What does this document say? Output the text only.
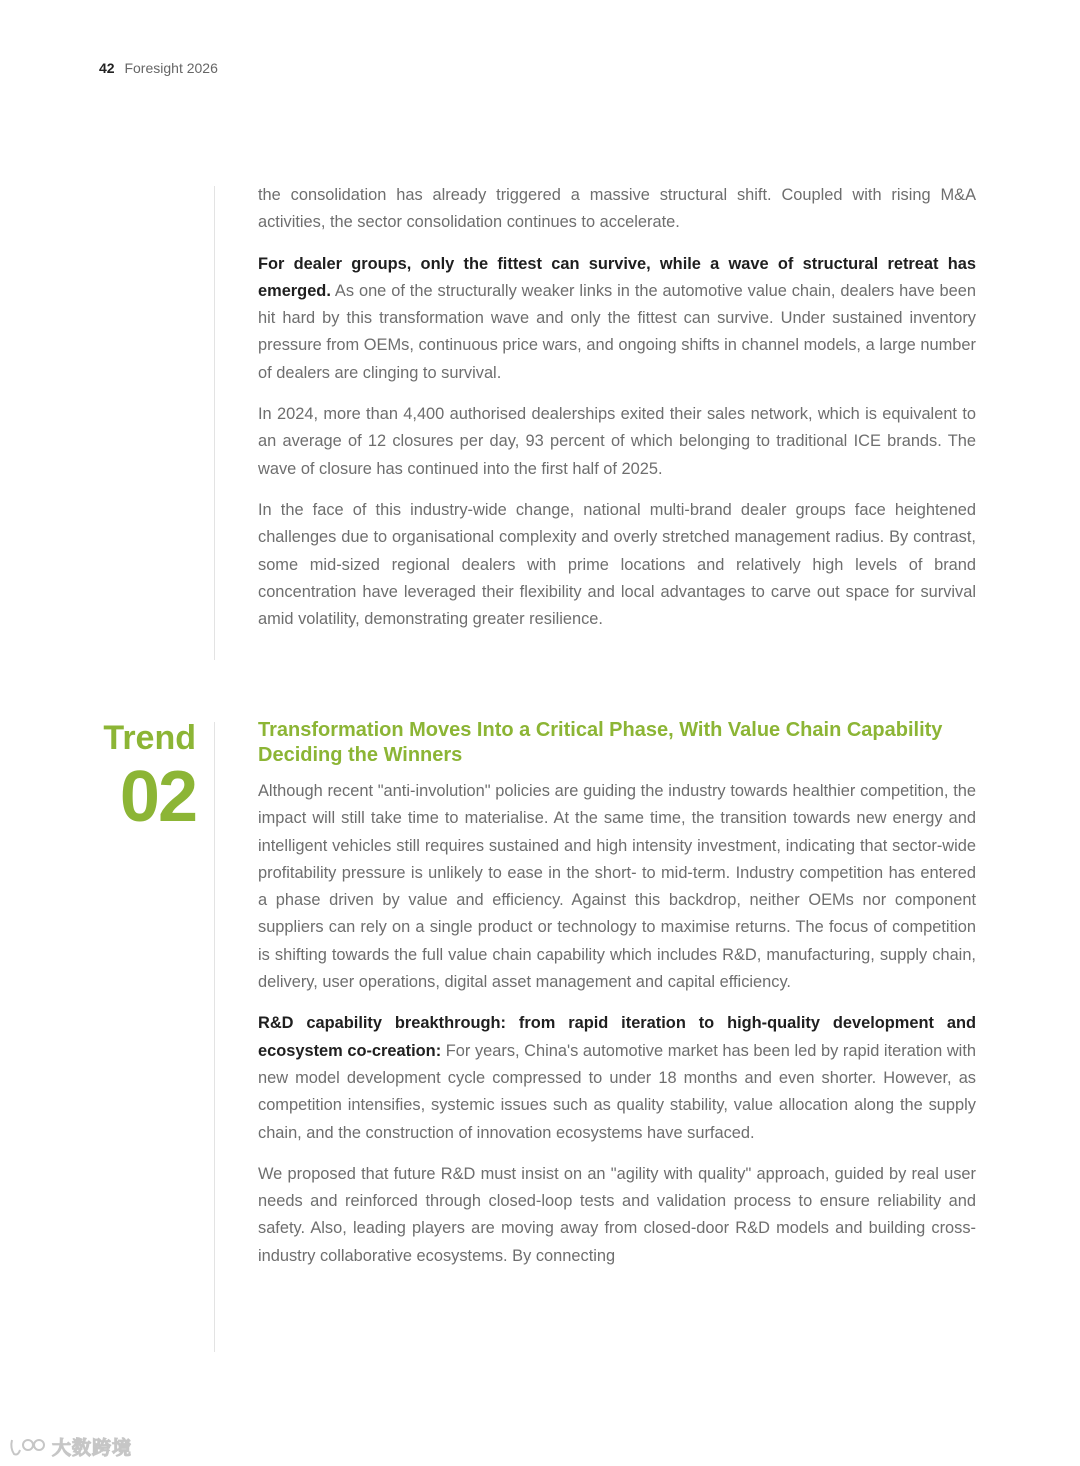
42 Foresight 2026

the consolidation has already triggered a massive structural shift. Coupled with rising M&A activities, the sector consolidation continues to accelerate.

For dealer groups, only the fittest can survive, while a wave of structural retreat has emerged. As one of the structurally weaker links in the automotive value chain, dealers have been hit hard by this transformation wave and only the fittest can survive. Under sustained inventory pressure from OEMs, continuous price wars, and ongoing shifts in channel models, a large number of dealers are clinging to survival.

In 2024, more than 4,400 authorised dealerships exited their sales network, which is equivalent to an average of 12 closures per day, 93 percent of which belonging to traditional ICE brands. The wave of closure has continued into the first half of 2025.

In the face of this industry-wide change, national multi-brand dealer groups face heightened challenges due to organisational complexity and overly stretched management radius. By contrast, some mid-sized regional dealers with prime locations and relatively high levels of brand concentration have leveraged their flexibility and local advantages to carve out space for survival amid volatility, demonstrating greater resilience.

Trend
02
Transformation Moves Into a Critical Phase, With Value Chain Capability Deciding the Winners

Although recent "anti-involution" policies are guiding the industry towards healthier competition, the impact will still take time to materialise. At the same time, the transition towards new energy and intelligent vehicles still requires sustained and high intensity investment, indicating that sector-wide profitability pressure is unlikely to ease in the short- to mid-term. Industry competition has entered a phase driven by value and efficiency. Against this backdrop, neither OEMs nor component suppliers can rely on a single product or technology to maximise returns. The focus of competition is shifting towards the full value chain capability which includes R&D, manufacturing, supply chain, delivery, user operations, digital asset management and capital efficiency.

R&D capability breakthrough: from rapid iteration to high-quality development and ecosystem co-creation: For years, China's automotive market has been led by rapid iteration with new model development cycle compressed to under 18 months and even shorter. However, as competition intensifies, systemic issues such as quality stability, value allocation along the supply chain, and the construction of innovation ecosystems have surfaced.

We proposed that future R&D must insist on an "agility with quality" approach, guided by real user needs and reinforced through closed-loop tests and validation process to ensure reliability and safety. Also, leading players are moving away from closed-door R&D models and building cross-industry collaborative ecosystems. By connecting

大数跨境
